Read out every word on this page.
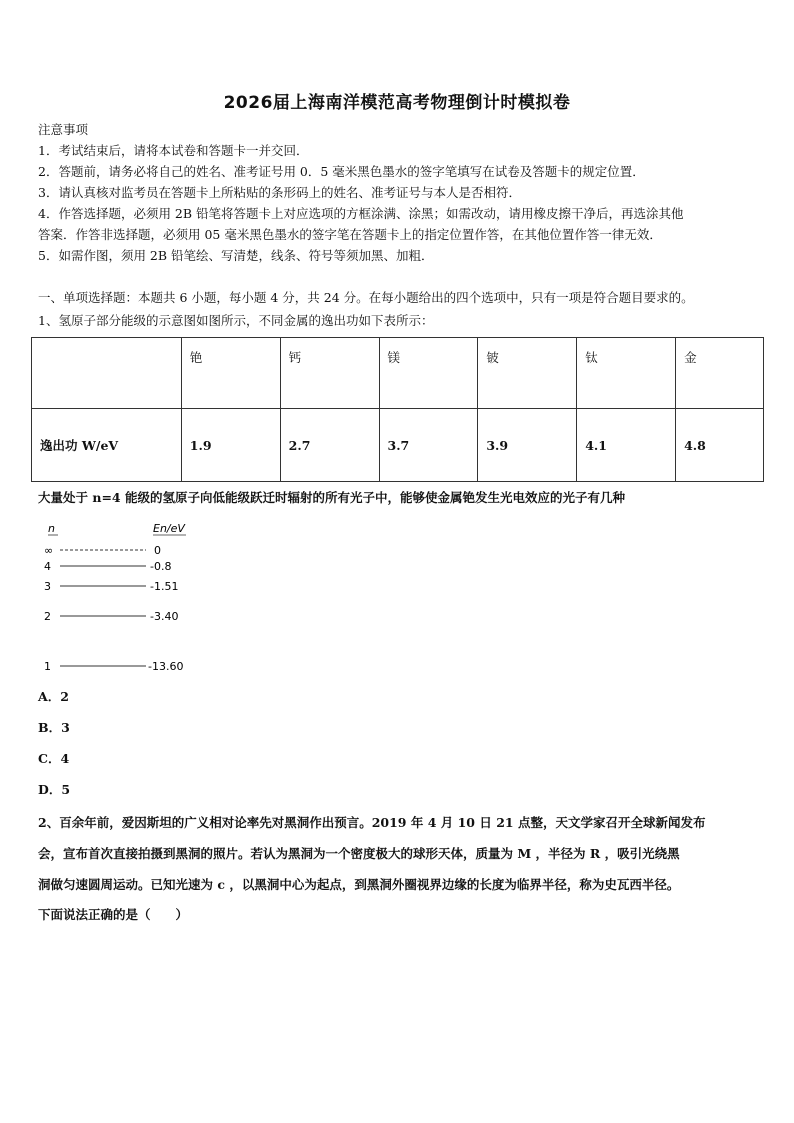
2026届上海南洋模范高考物理倒计时模拟卷
注意事项
1．考试结束后，请将本试卷和答题卡一并交回．
2．答题前，请务必将自己的姓名、准考证号用 0．5 毫米黑色墨水的签字笔填写在试卷及答题卡的规定位置．
3．请认真核对监考员在答题卡上所粘贴的条形码上的姓名、准考证号与本人是否相符．
4．作答选择题，必须用 2B 铅笔将答题卡上对应选项的方框涂满、涂黑；如需改动，请用橡皮擦干净后，再选涂其他
答案．作答非选择题，必须用 05 毫米黑色墨水的签字笔在答题卡上的指定位置作答，在其他位置作答一律无效．
5．如需作图，须用 2B 铅笔绘、写清楚，线条、符号等须加黑、加粗．
一、单项选择题：本题共 6 小题，每小题 4 分，共 24 分。在每小题给出的四个选项中，只有一项是符合题目要求的。
1、氢原子部分能级的示意图如图所示，不同金属的逸出功如下表所示：
	铯	钙	镁	铍	钛	金
逸出功 W/eV	1.9	2.7	3.7	3.9	4.1	4.8
大量处于 n=4 能级的氢原子向低能级跃迁时辐射的所有光子中，能够使金属铯发生光电效应的光子有几种
n	En/eV
∞	0
4	-0.8
3	-1.51
2	-3.40
1	-13.60
A．2
B．3
C．4
D．5
2、百余年前，爱因斯坦的广义相对论率先对黑洞作出预言。2019 年 4 月 10 日 21 点整，天文学家召开全球新闻发布
会，宣布首次直接拍摄到黑洞的照片。若认为黑洞为一个密度极大的球形天体，质量为 M ，半径为 R ，吸引光绕黑
洞做匀速圆周运动。已知光速为 c ，以黑洞中心为起点，到黑洞外圈视界边缘的长度为临界半径，称为史瓦西半径。
下面说法正确的是（　　）
